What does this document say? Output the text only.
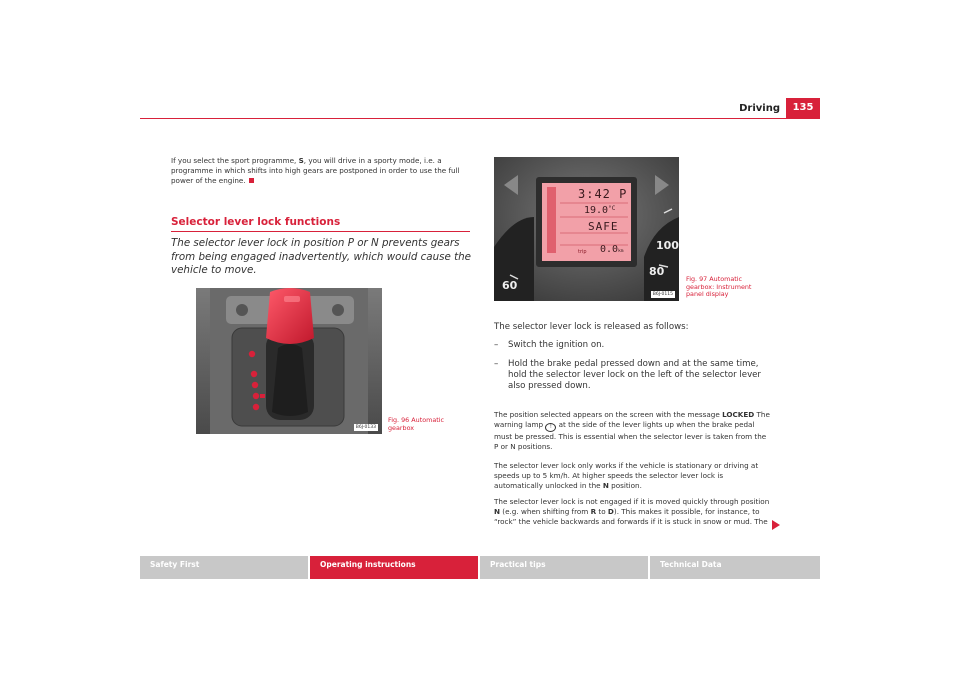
Driving	135
If you select the sport programme, S, you will drive in a sporty mode, i.e. a programme in which shifts into high gears are postponed in order to use the full power of the engine.
Selector lever lock functions
The selector lever lock in position P or N prevents gears from being engaged inadvertently, which would cause the vehicle to move.
B6J-0133
Fig. 96 Automatic gearbox
3:42 P
$19.0^{^\circ C}$
SAFE
trip 0.0km	100
80
60
B6J-0115
Fig. 97 Automatic gearbox: Instrument panel display
The selector lever lock is released as follows:
– Switch the ignition on.
– Hold the brake pedal pressed down and at the same time, hold the selector lever lock on the left of the selector lever also pressed down.
The position selected appears on the screen with the message LOCKED The warning lamp ! at the side of the lever lights up when the brake pedal must be pressed. This is essential when the selector lever is taken from the P or N positions.
The selector lever lock only works if the vehicle is stationary or driving at speeds up to 5 km/h. At higher speeds the selector lever lock is automatically unlocked in the N position.
The selector lever lock is not engaged if it is moved quickly through position N (e.g. when shifting from R to D). This makes it possible, for instance, to “rock” the vehicle backwards and forwards if it is stuck in snow or mud. The
Safety First	Operating instructions	Practical tips	Technical Data
